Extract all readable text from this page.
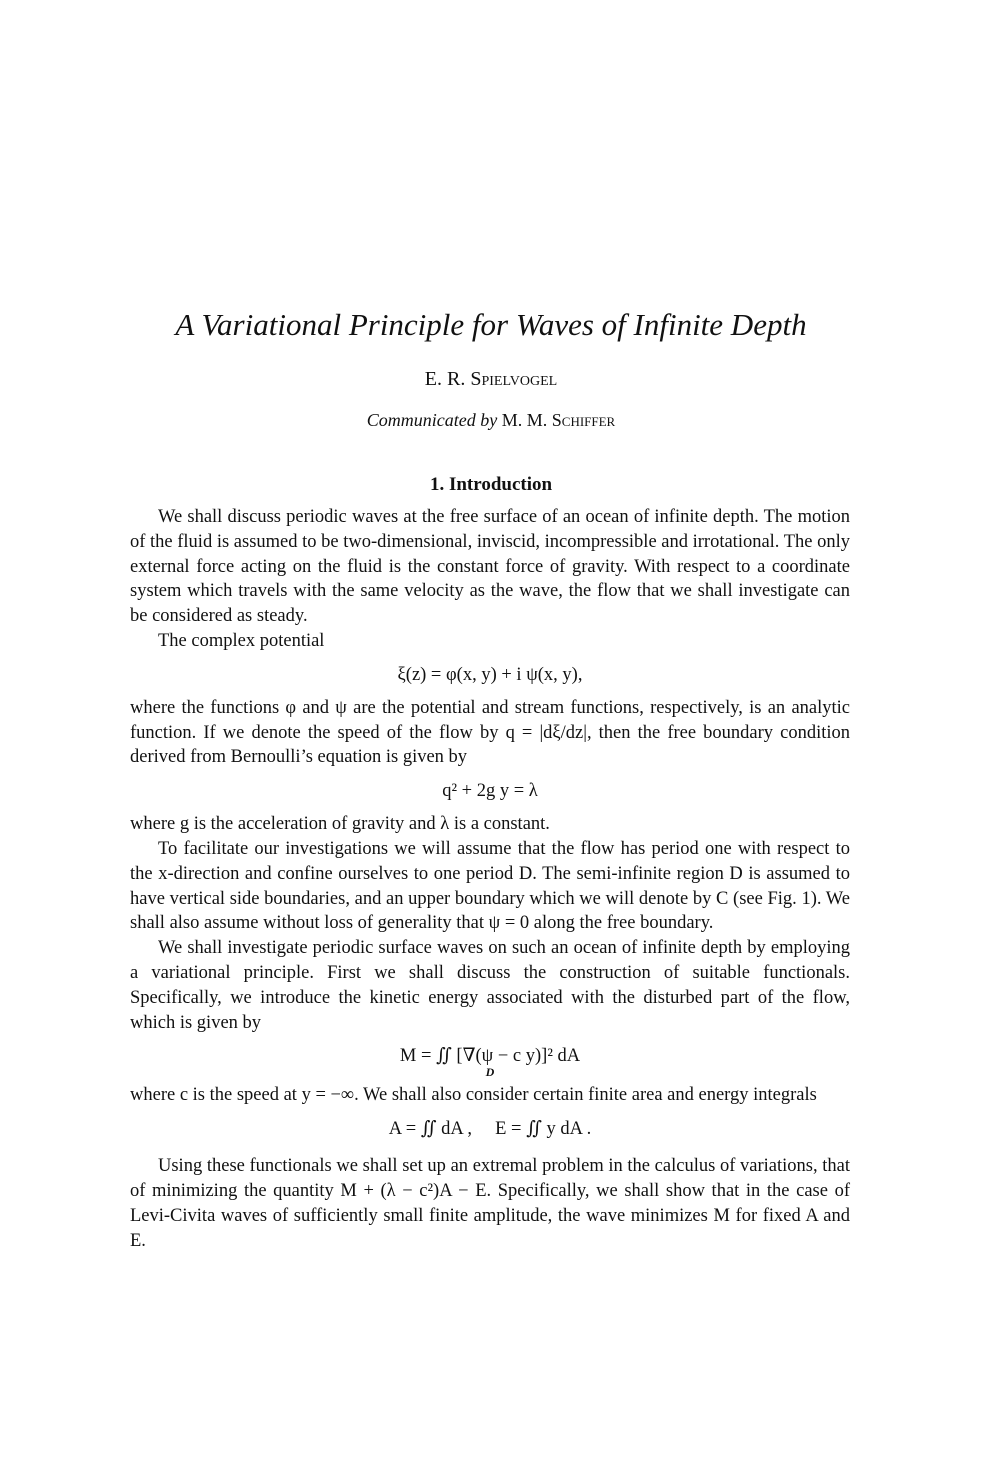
A Variational Principle for Waves of Infinite Depth
E. R. Spielvogel
Communicated by M. M. Schiffer
1. Introduction

We shall discuss periodic waves at the free surface of an ocean of infinite depth. The motion of the fluid is assumed to be two-dimensional, inviscid, incompressible and irrotational. The only external force acting on the fluid is the constant force of gravity. With respect to a coordinate system which travels with the same velocity as the wave, the flow that we shall investigate can be considered as steady.

The complex potential

ξ(z) = φ(x, y) + i ψ(x, y),

where the functions φ and ψ are the potential and stream functions, respectively, is an analytic function. If we denote the speed of the flow by q = |dξ/dz|, then the free boundary condition derived from Bernoulli’s equation is given by

q² + 2g y = λ

where g is the acceleration of gravity and λ is a constant.

To facilitate our investigations we will assume that the flow has period one with respect to the x-direction and confine ourselves to one period D. The semi-infinite region D is assumed to have vertical side boundaries, and an upper boundary which we will denote by C (see Fig. 1). We shall also assume without loss of generality that ψ = 0 along the free boundary.

We shall investigate periodic surface waves on such an ocean of infinite depth by employing a variational principle. First we shall discuss the construction of suitable functionals. Specifically, we introduce the kinetic energy associated with the disturbed part of the flow, which is given by

M = ∬ [∇(ψ − c y)]² dA
D

where c is the speed at y = −∞. We shall also consider certain finite area and energy integrals

A = ∬ dA ,     E = ∬ y dA .

Using these functionals we shall set up an extremal problem in the calculus of variations, that of minimizing the quantity M + (λ − c²)A − E. Specifically, we shall show that in the case of Levi-Civita waves of sufficiently small finite amplitude, the wave minimizes M for fixed A and E.
